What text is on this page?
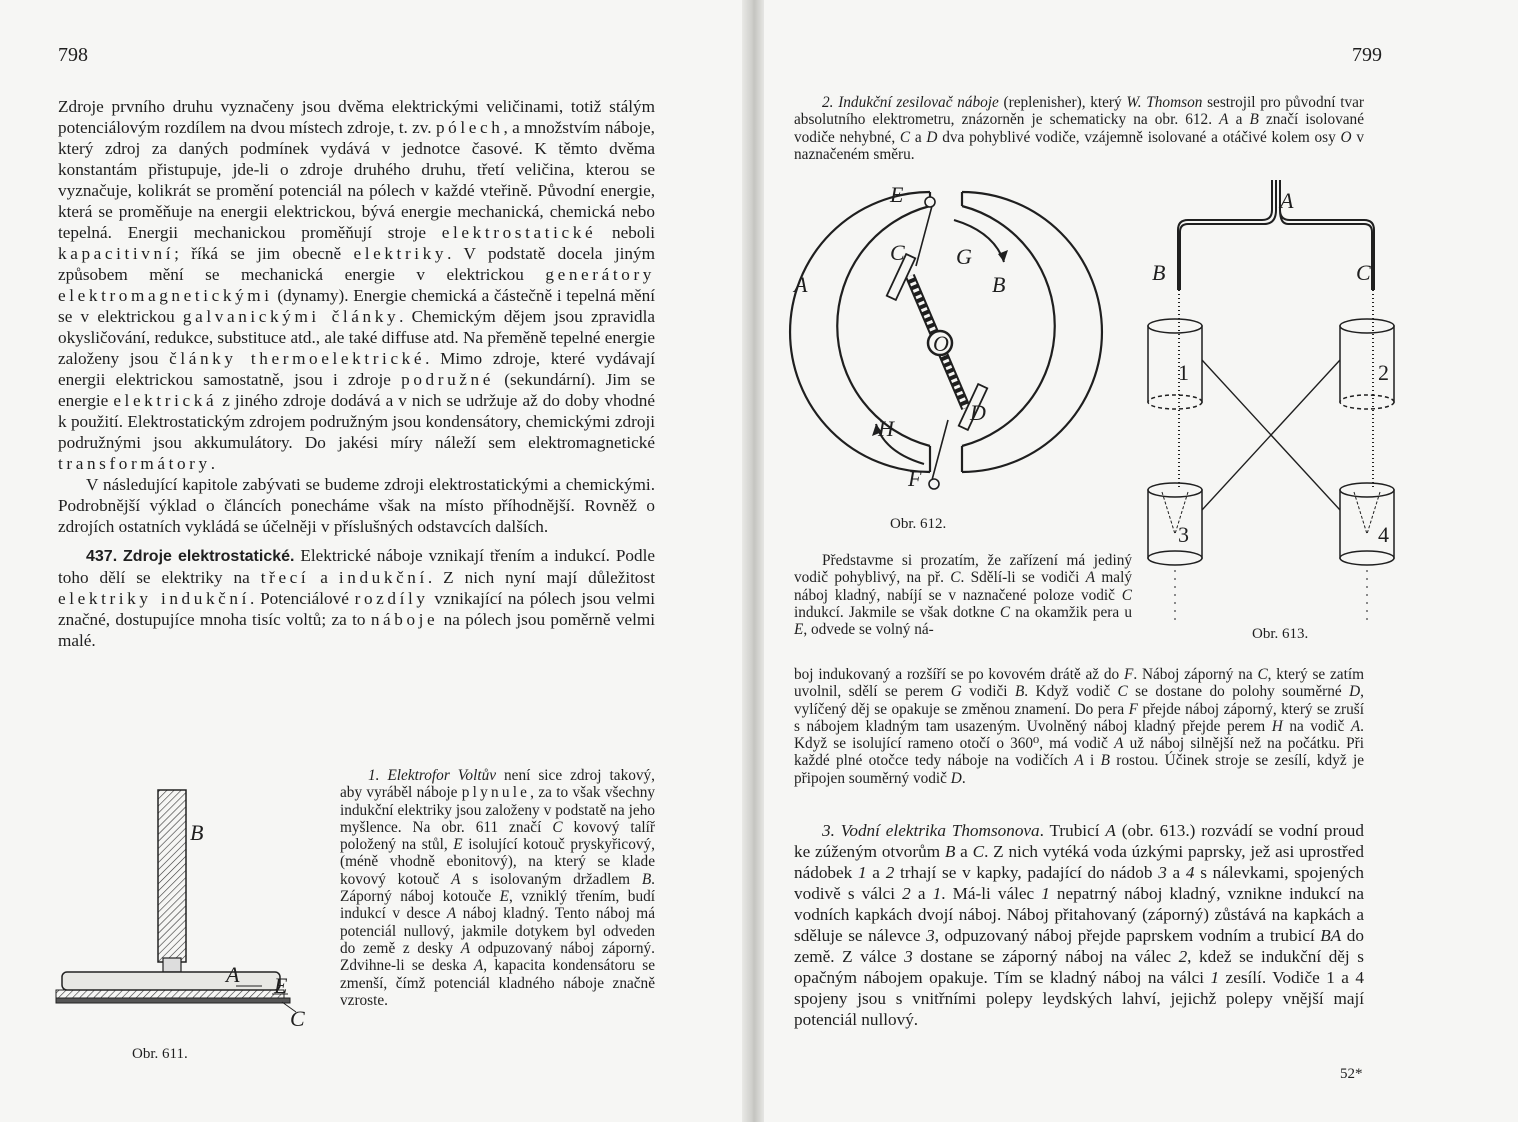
798

Zdroje prvního druhu vyznačeny jsou dvěma elektrickými veličinami, totiž stálým potenciálovým rozdílem na dvou místech zdroje, t. zv. pólech, a množstvím náboje, který zdroj za daných podmínek vydává v jednotce časové. K těmto dvěma konstantám přistupuje, jde-li o zdroje druhého druhu, třetí veličina, kterou se vyznačuje, kolikrát se promění potenciál na pólech v každé vteřině. Původní energie, která se proměňuje na energii elektrickou, bývá energie mechanická, chemická nebo tepelná. Energii mechanickou proměňují stroje elektrostatické neboli kapacitivní; říká se jim obecně elektriky. V podstatě docela jiným způsobem mění se mechanická energie v elektrickou generátory elektromagnetickými (dynamy). Energie chemická a částečně i tepelná mění se v elektrickou galvanickými články. Chemickým dějem jsou zpravidla okysličování, redukce, substituce atd., ale také diffuse atd. Na přeměně tepelné energie založeny jsou články thermoelektrické. Mimo zdroje, které vydávají energii elektrickou samostatně, jsou i zdroje podružné (sekundární). Jim se energie elektrická z jiného zdroje dodává a v nich se udržuje až do doby vhodné k použití. Elektrostatickým zdrojem podružným jsou kondensátory, chemickými zdroji podružnými jsou akkumulátory. Do jakési míry náleží sem elektromagnetické transformátory.

V následující kapitole zabývati se budeme zdroji elektrostatickými a chemickými. Podrobnější výklad o článcích ponecháme však na místo příhodnější. Rovněž o zdrojích ostatních vykládá se účelněji v příslušných odstavcích dalších.

437. Zdroje elektrostatické. Elektrické náboje vznikají třením a indukcí. Podle toho dělí se elektriky na třecí a indukční. Z nich nyní mají důležitost elektriky indukční. Potenciálové rozdíly vznikající na pólech jsou velmi značné, dostupujíce mnoha tisíc voltů; za to náboje na pólech jsou poměrně velmi malé.

1. Elektrofor Voltův není sice zdroj takový, aby vyráběl náboje plynule, za to však všechny indukční elektriky jsou založeny v podstatě na jeho myšlence. Na obr. 611 značí C kovový talíř položený na stůl, E isolující kotouč pryskyřicový, (méně vhodně ebonitový), na který se klade kovový kotouč A s isolovaným držadlem B. Záporný náboj kotouče E, vzniklý třením, budí indukcí v desce A náboj kladný. Tento náboj má potenciál nullový, jakmile dotykem byl odveden do země z desky A odpuzovaný náboj záporný. Zdvihne-li se deska A, kapacita kondensátoru se zmenší, čímž potenciál kladného náboje značně vzroste.

B
A E
C
Obr. 611.
799

2. Indukční zesilovač náboje (replenisher), který W. Thomson sestrojil pro původní tvar absolutního elektrometru, znázorněn je schematicky na obr. 612. A a B značí isolované vodiče nehybné, C a D dva pohyblivé vodiče, vzájemně isolované a otáčivé kolem osy O v naznačeném směru.

E
C G
A	B
O
D
H
F
Obr. 612.
A
B	C
1	2
3	4
Obr. 613.

Představme si prozatím, že zařízení má jediný vodič pohyblivý, na př. C. Sdělí-li se vodiči A malý náboj kladný, nabíjí se v naznačené poloze vodič C indukcí. Jakmile se však dotkne C na okamžik pera u E, odvede se volný ná-

boj indukovaný a rozšíří se po kovovém drátě až do F. Náboj záporný na C, který se zatím uvolnil, sdělí se perem G vodiči B. Když vodič C se dostane do polohy souměrné D, vylíčený děj se opakuje se změnou znamení. Do pera F přejde náboj záporný, který se zruší s nábojem kladným tam usazeným. Uvolněný náboj kladný přejde perem H na vodič A. Když se isolující rameno otočí o 360⁰, má vodič A už náboj silnější než na počátku. Při každé plné otočce tedy náboje na vodičích A i B rostou. Účinek stroje se zesílí, když je připojen souměrný vodič D.

3. Vodní elektrika Thomsonova. Trubicí A (obr. 613.) rozvádí se vodní proud ke zúženým otvorům B a C. Z nich vytéká voda úzkými paprsky, jež asi uprostřed nádobek 1 a 2 trhají se v kapky, padající do nádob 3 a 4 s nálevkami, spojených vodivě s válci 2 a 1. Má-li válec 1 nepatrný náboj kladný, vznikne indukcí na vodních kapkách dvojí náboj. Náboj přitahovaný (záporný) zůstává na kapkách a sděluje se nálevce 3, odpuzovaný náboj přejde paprskem vodním a trubicí BA do země. Z válce 3 dostane se záporný náboj na válec 2, kdež se indukční děj s opačným nábojem opakuje. Tím se kladný náboj na válci 1 zesílí. Vodiče 1 a 4 spojeny jsou s vnitřními polepy leydských lahví, jejichž polepy vnější mají potenciál nullový.

52*
